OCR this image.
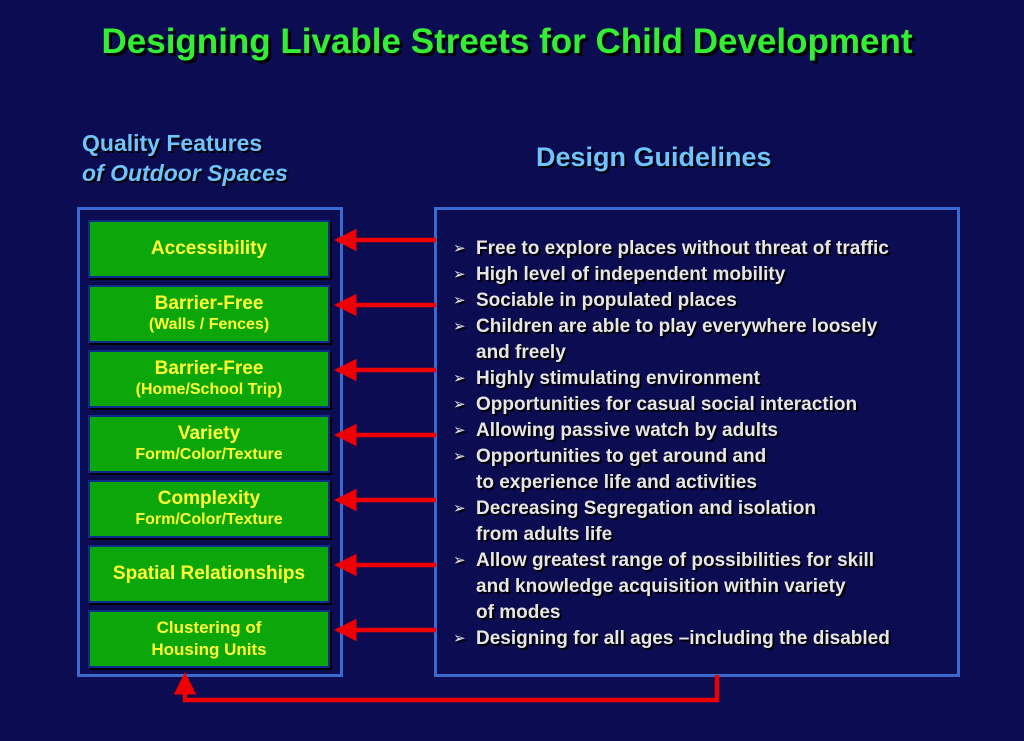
Designing Livable Streets for Child Development
Quality Features
of Outdoor Spaces
Design Guidelines
Accessibility
Barrier-Free
(Walls / Fences)
Barrier-Free
(Home/School Trip)
Variety
Form/Color/Texture
Complexity
Form/Color/Texture
Spatial Relationships
Clustering of
Housing Units
➢ Free to explore places without threat of traffic
➢ High level of independent mobility
➢ Sociable in populated places
➢ Children are able to play everywhere loosely
and freely
➢ Highly stimulating environment
➢ Opportunities for casual social interaction
➢ Allowing passive watch by adults
➢ Opportunities to get around and
to experience life and activities
➢ Decreasing Segregation and isolation
from adults life
➢ Allow greatest range of possibilities for skill
and knowledge acquisition within variety
of modes
➢ Designing for all ages –including the disabled
